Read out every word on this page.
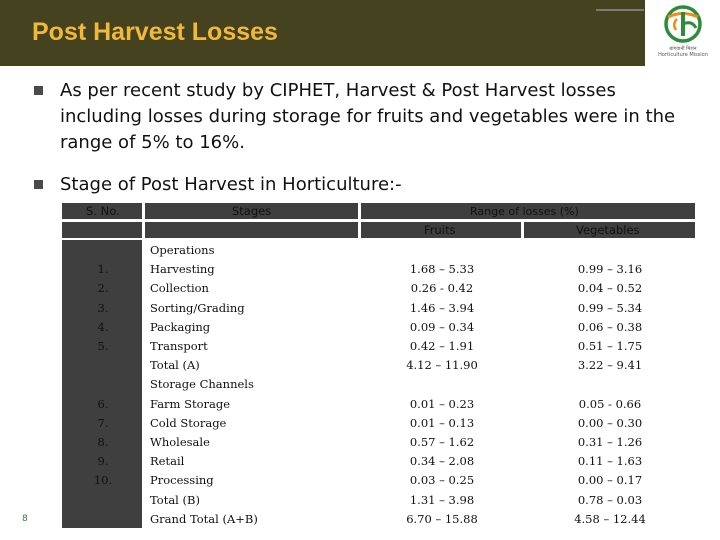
Post Harvest Losses
बागवानी मिशन
Horticulture Mission
As per recent study by CIPHET, Harvest & Post Harvest losses including losses during storage for fruits and vegetables were in the range of 5% to 16%.
Stage of Post Harvest in Horticulture:-
S. No.	Stages	Range of losses (%)
Fruits	Vegetables
Operations
1.	Harvesting	1.68 – 5.33	0.99 – 3.16
2.	Collection	0.26 - 0.42	0.04 – 0.52
3.	Sorting/Grading	1.46 – 3.94	0.99 – 5.34
4.	Packaging	0.09 – 0.34	0.06 – 0.38
5.	Transport	0.42 – 1.91	0.51 – 1.75
Total (A)	4.12 – 11.90	3.22 – 9.41
Storage Channels
6.	Farm Storage	0.01 – 0.23	0.05 - 0.66
7.	Cold Storage	0.01 – 0.13	0.00 – 0.30
8.	Wholesale	0.57 – 1.62	0.31 – 1.26
9.	Retail	0.34 – 2.08	0.11 – 1.63
10.	Processing	0.03 – 0.25	0.00 – 0.17
Total (B)	1.31 – 3.98	0.78 – 0.03
Grand Total (A+B)	6.70 – 15.88	4.58 – 12.44
8
